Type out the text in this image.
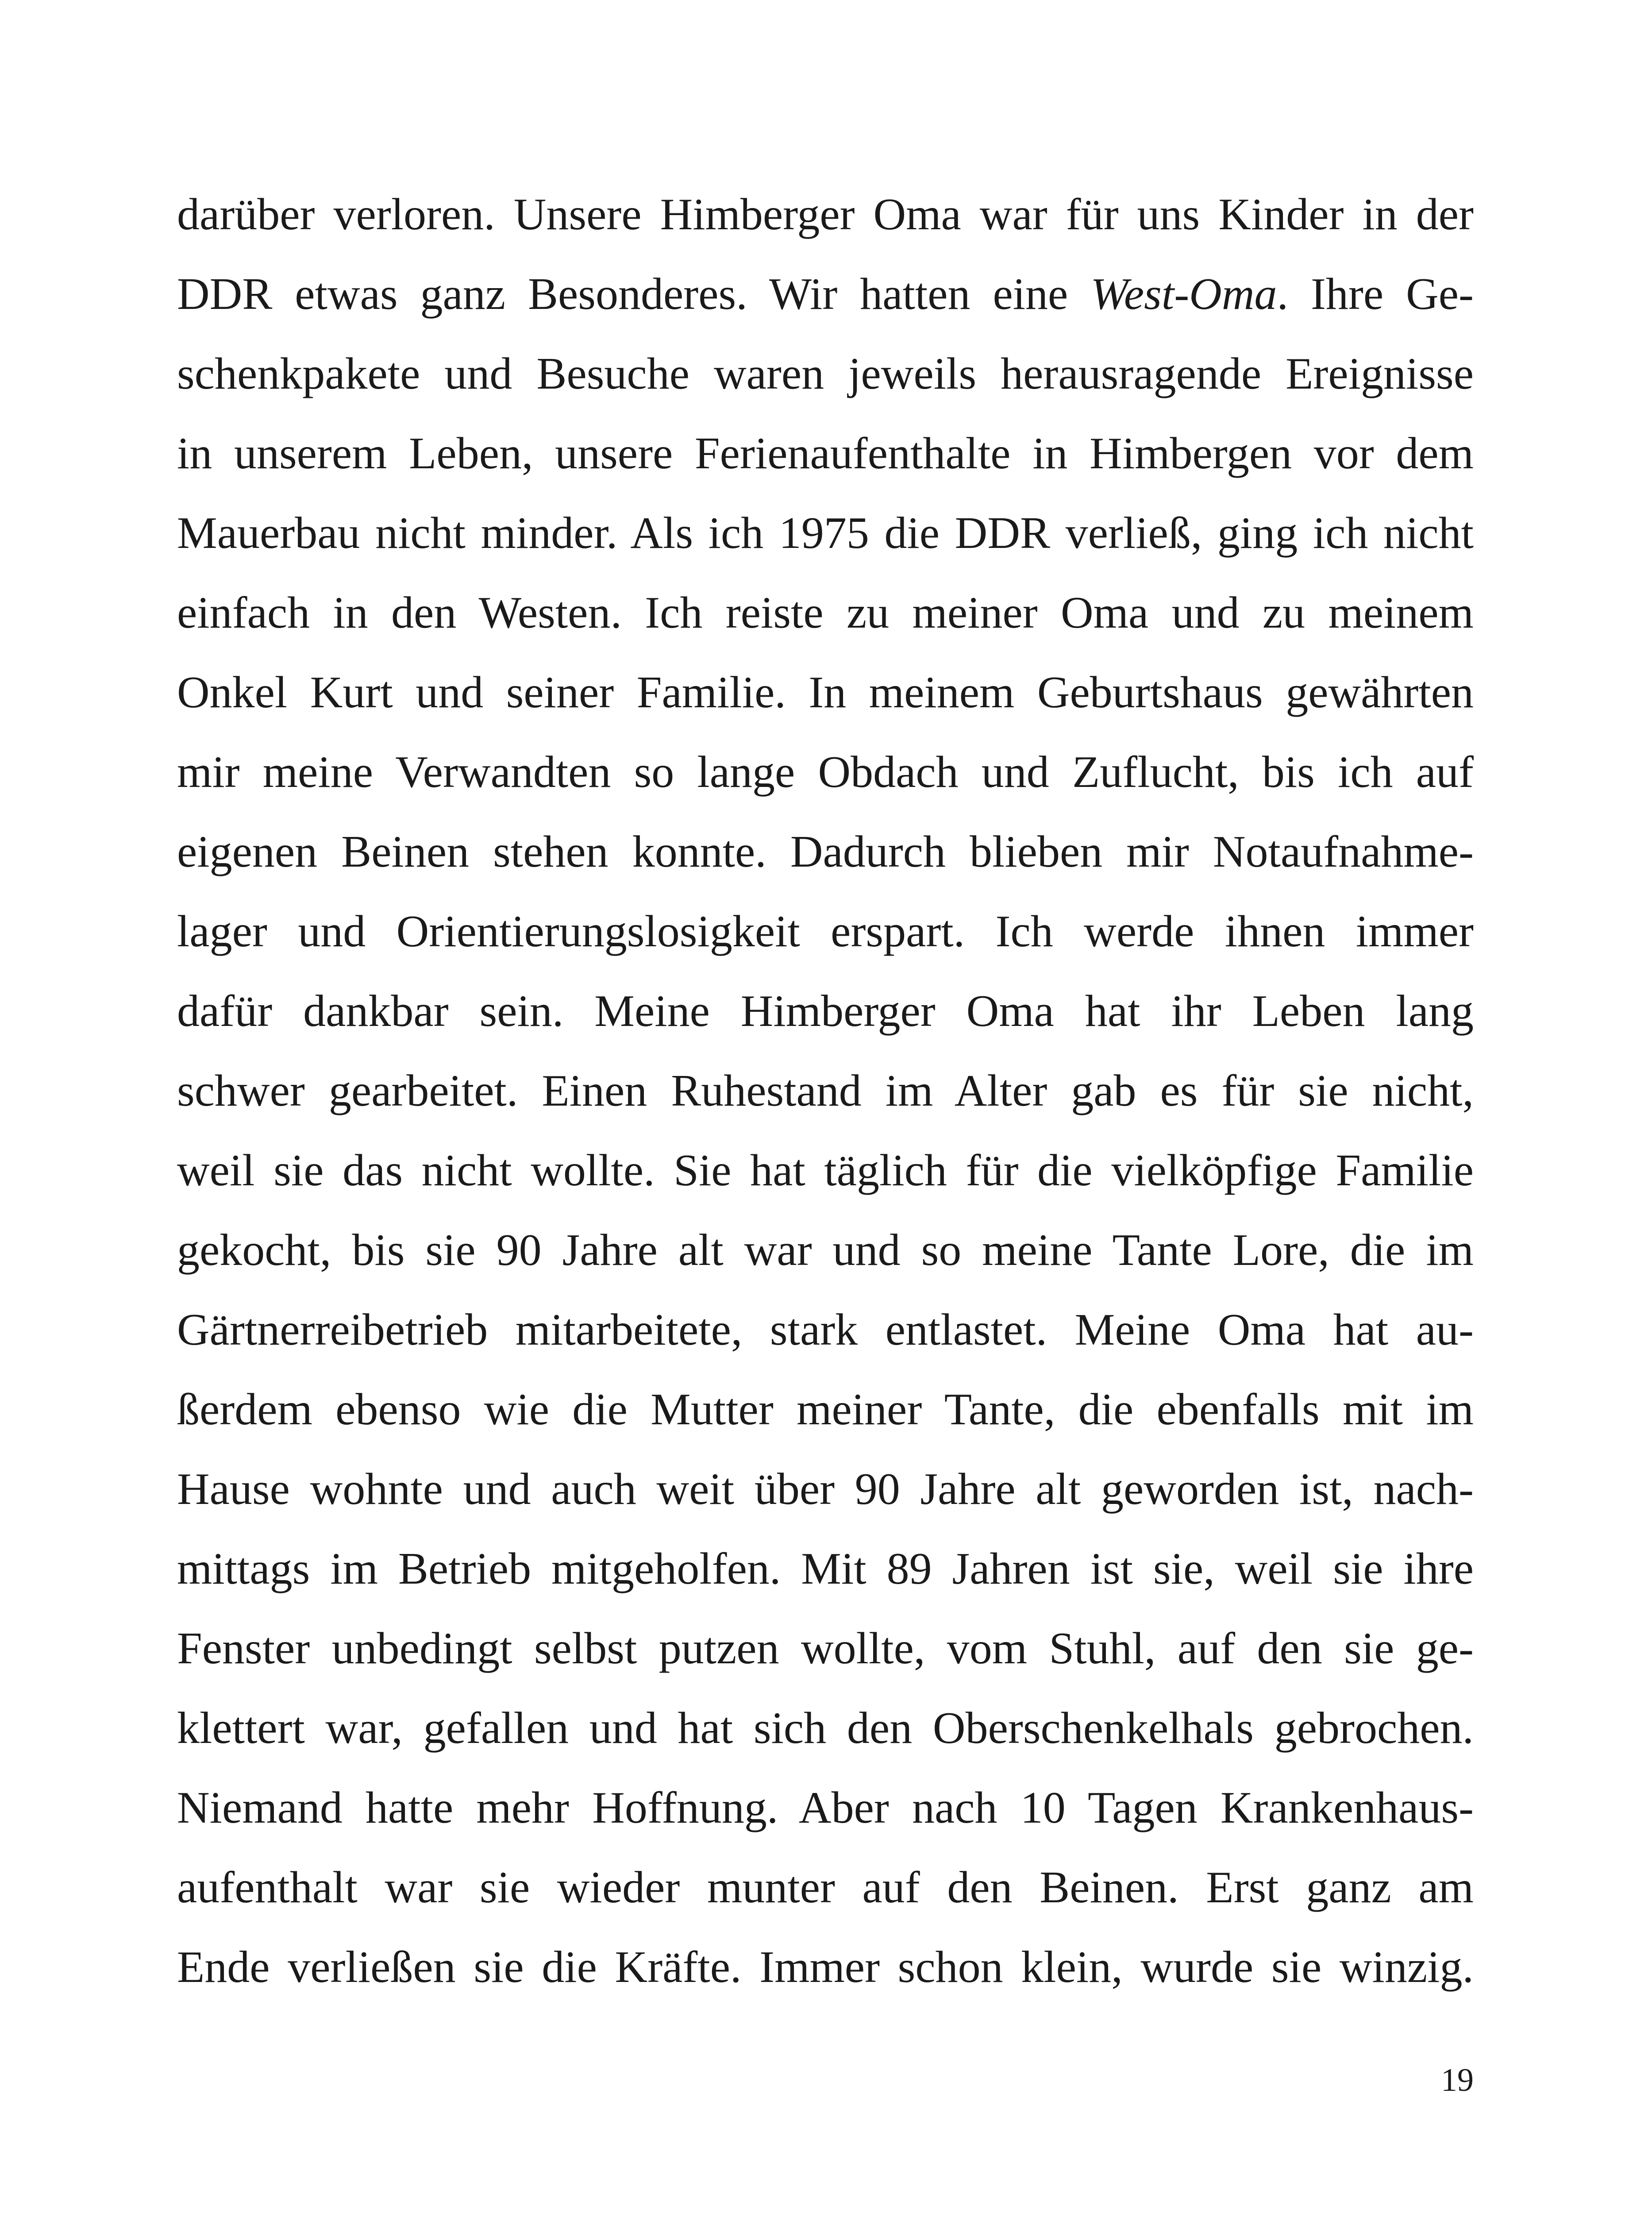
darüber verloren. Unsere Himberger Oma war für uns Kinder in der
DDR etwas ganz Besonderes. Wir hatten eine West-Oma. Ihre Ge-
schenkpakete und Besuche waren jeweils herausragende Ereignisse
in unserem Leben, unsere Ferienaufenthalte in Himbergen vor dem
Mauerbau nicht minder. Als ich 1975 die DDR verließ, ging ich nicht
einfach in den Westen. Ich reiste zu meiner Oma und zu meinem
Onkel Kurt und seiner Familie. In meinem Geburtshaus gewährten
mir meine Verwandten so lange Obdach und Zuflucht, bis ich auf
eigenen Beinen stehen konnte. Dadurch blieben mir Notaufnahme-
lager und Orientierungslosigkeit erspart. Ich werde ihnen immer
dafür dankbar sein. Meine Himberger Oma hat ihr Leben lang
schwer gearbeitet. Einen Ruhestand im Alter gab es für sie nicht,
weil sie das nicht wollte. Sie hat täglich für die vielköpfige Familie
gekocht, bis sie 90 Jahre alt war und so meine Tante Lore, die im
Gärtnerreibetrieb mitarbeitete, stark entlastet. Meine Oma hat au-
ßerdem ebenso wie die Mutter meiner Tante, die ebenfalls mit im
Hause wohnte und auch weit über 90 Jahre alt geworden ist, nach-
mittags im Betrieb mitgeholfen. Mit 89 Jahren ist sie, weil sie ihre
Fenster unbedingt selbst putzen wollte, vom Stuhl, auf den sie ge-
klettert war, gefallen und hat sich den Oberschenkelhals gebrochen.
Niemand hatte mehr Hoffnung. Aber nach 10 Tagen Krankenhaus-
aufenthalt war sie wieder munter auf den Beinen. Erst ganz am
Ende verließen sie die Kräfte. Immer schon klein, wurde sie winzig.
19
